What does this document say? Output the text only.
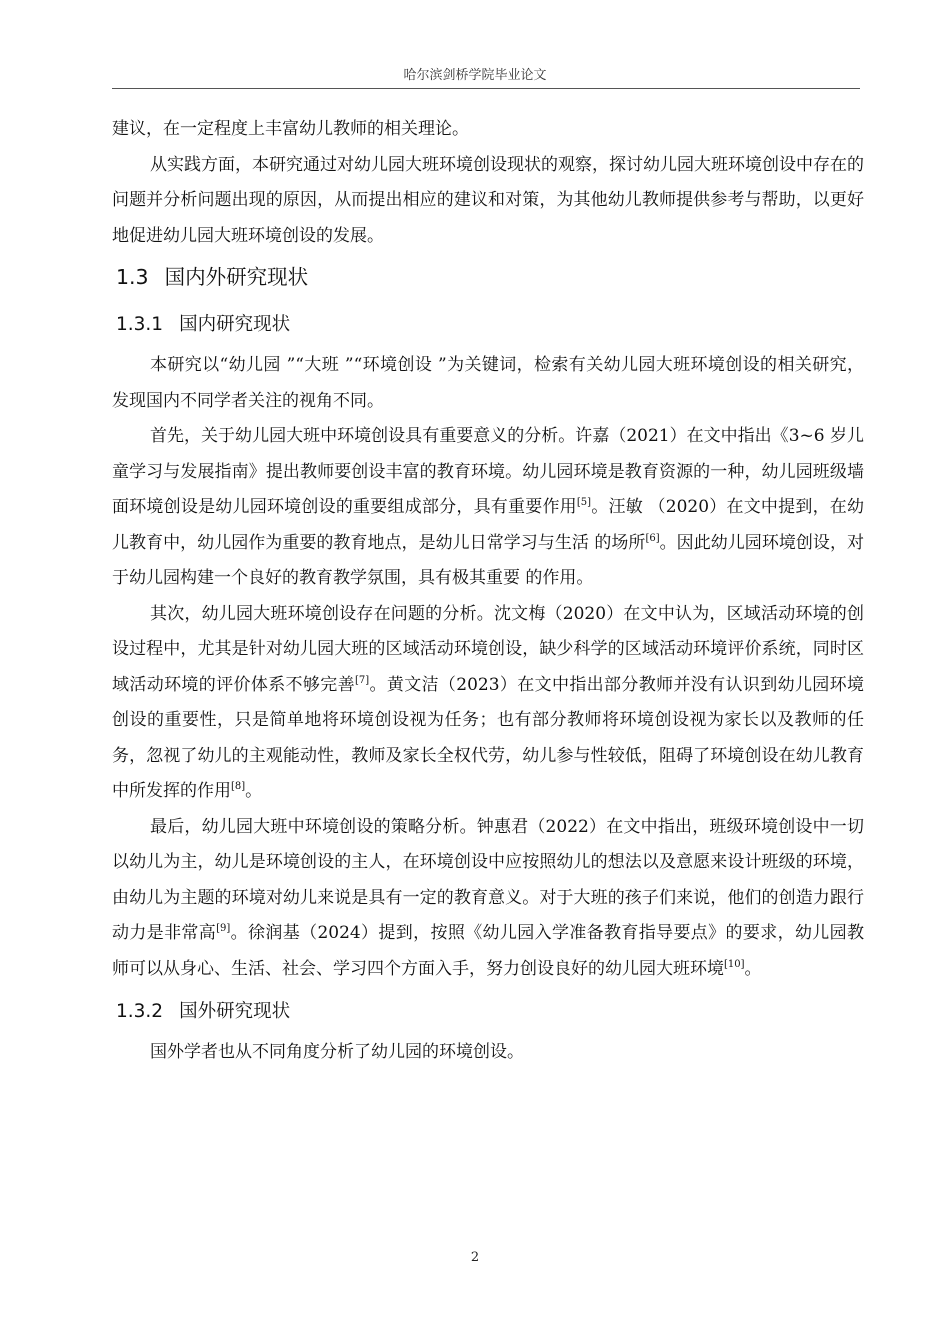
哈尔滨剑桥学院毕业论文

建议，在一定程度上丰富幼儿教师的相关理论。

从实践方面，本研究通过对幼儿园大班环境创设现状的观察，探讨幼儿园大班环境创设中存在的问题并分析问题出现的原因，从而提出相应的建议和对策，为其他幼儿教师提供参考与帮助，以更好地促进幼儿园大班环境创设的发展。

1.3 国内外研究现状
1.3.1 国内研究现状

本研究以“幼儿园 ”“大班 ”“环境创设 ”为关键词，检索有关幼儿园大班环境创设的相关研究，发现国内不同学者关注的视角不同。

首先，关于幼儿园大班中环境创设具有重要意义的分析。许嘉（2021）在文中指出《3~6 岁儿童学习与发展指南》提出教师要创设丰富的教育环境。幼儿园环境是教育资源的一种，幼儿园班级墙面环境创设是幼儿园环境创设的重要组成部分，具有重要作用[5]。汪敏 （2020）在文中提到，在幼儿教育中，幼儿园作为重要的教育地点，是幼儿日常学习与生活 的场所[6]。因此幼儿园环境创设，对于幼儿园构建一个良好的教育教学氛围，具有极其重要 的作用。

其次，幼儿园大班环境创设存在问题的分析。沈文梅（2020）在文中认为，区域活动环境的创设过程中，尤其是针对幼儿园大班的区域活动环境创设，缺少科学的区域活动环境评价系统，同时区域活动环境的评价体系不够完善[7]。黄文洁（2023）在文中指出部分教师并没有认识到幼儿园环境创设的重要性，只是简单地将环境创设视为任务；也有部分教师将环境创设视为家长以及教师的任务，忽视了幼儿的主观能动性，教师及家长全权代劳，幼儿参与性较低，阻碍了环境创设在幼儿教育中所发挥的作用[8]。

最后，幼儿园大班中环境创设的策略分析。钟惠君（2022）在文中指出，班级环境创设中一切以幼儿为主，幼儿是环境创设的主人，在环境创设中应按照幼儿的想法以及意愿来设计班级的环境，由幼儿为主题的环境对幼儿来说是具有一定的教育意义。对于大班的孩子们来说，他们的创造力跟行动力是非常高[9]。徐润基（2024）提到，按照《幼儿园入学准备教育指导要点》的要求，幼儿园教师可以从身心、生活、社会、学习四个方面入手，努力创设良好的幼儿园大班环境[10]。

1.3.2 国外研究现状

国外学者也从不同角度分析了幼儿园的环境创设。

2
